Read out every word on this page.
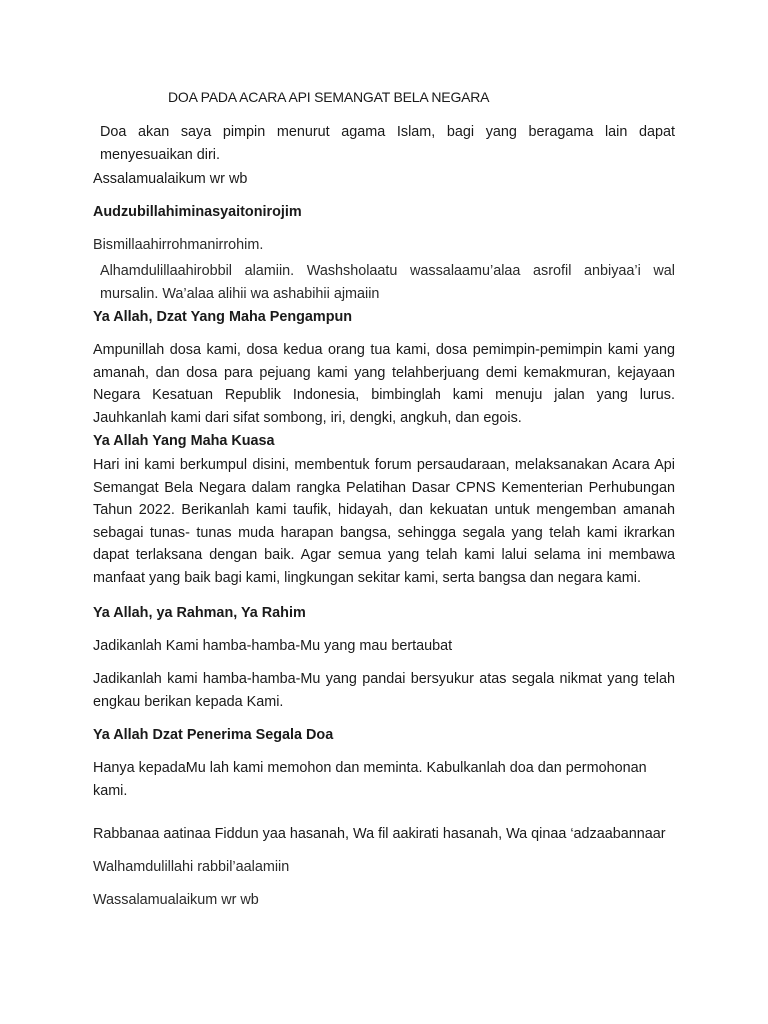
DOA PADA ACARA API SEMANGAT BELA NEGARA

Doa akan saya pimpin menurut agama Islam, bagi yang beragama lain dapat menyesuaikan diri.

Assalamualaikum wr wb

Audzubillahiminasyaitonirojim

Bismillaahirrohmanirrohim.

Alhamdulillaahirobbil alamiin. Washsholaatu wassalaamu’alaa asrofil anbiyaa’i wal mursalin. Wa’alaa alihii wa ashabihii ajmaiin

Ya Allah, Dzat Yang Maha Pengampun

Ampunillah dosa kami, dosa kedua orang tua kami, dosa pemimpin-pemimpin kami yang amanah, dan dosa para pejuang kami yang telahberjuang demi kemakmuran, kejayaan Negara Kesatuan Republik Indonesia, bimbinglah kami menuju jalan yang lurus. Jauhkanlah kami dari sifat sombong, iri, dengki, angkuh, dan egois.

Ya Allah Yang Maha Kuasa

Hari ini kami berkumpul disini, membentuk forum persaudaraan, melaksanakan Acara Api Semangat Bela Negara dalam rangka Pelatihan Dasar CPNS Kementerian Perhubungan Tahun 2022. Berikanlah kami taufik, hidayah, dan kekuatan untuk mengemban amanah sebagai tunas- tunas muda harapan bangsa, sehingga segala yang telah kami ikrarkan dapat terlaksana dengan baik. Agar semua yang telah kami lalui selama ini membawa manfaat yang baik bagi kami, lingkungan sekitar kami, serta bangsa dan negara kami.

Ya Allah, ya Rahman, Ya Rahim

Jadikanlah Kami hamba-hamba-Mu yang mau bertaubat

Jadikanlah kami hamba-hamba-Mu yang pandai bersyukur atas segala nikmat yang telah engkau berikan kepada Kami.

Ya Allah Dzat Penerima Segala Doa

Hanya kepadaMu lah kami memohon dan meminta. Kabulkanlah doa dan permohonan kami.

Rabbanaa aatinaa Fiddun yaa hasanah, Wa fil aakirati hasanah, Wa qinaa ‘adzaabannaar

Walhamdulillahi rabbil’aalamiin

Wassalamualaikum wr wb
